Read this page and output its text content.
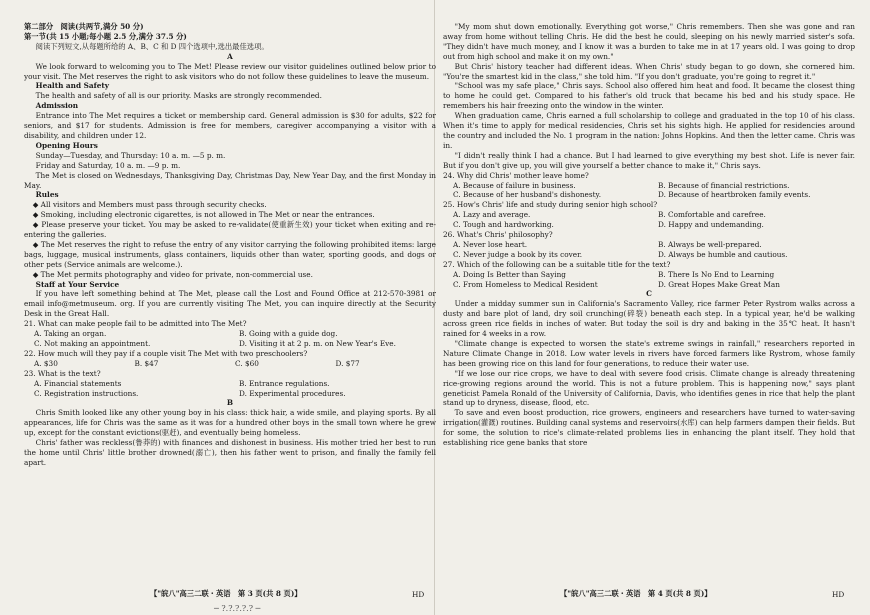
第二部分　阅读(共两节,满分 50 分)

第一节(共 15 小题;每小题 2.5 分,满分 37.5 分)

阅读下列短文,从每题所给的 A、B、C 和 D 四个选项中,选出最佳选项。

A

We look forward to welcoming you to The Met! Please review our visitor guidelines outlined below prior to your visit. The Met reserves the right to ask visitors who do not follow these guidelines to leave the museum.

Health and Safety

The health and safety of all is our priority. Masks are strongly recommended.

Admission

Entrance into The Met requires a ticket or membership card. General admission is $30 for adults, $22 for seniors, and $17 for students. Admission is free for members, caregiver accompanying a visitor with a disability, and children under 12.

Opening Hours

Sunday—Tuesday, and Thursday: 10 a. m. —5 p. m.

Friday and Saturday, 10 a. m. —9 p. m.

The Met is closed on Wednesdays, Thanksgiving Day, Christmas Day, New Year Day, and the first Monday in May.

Rules

◆ All visitors and Members must pass through security checks.

◆ Smoking, including electronic cigarettes, is not allowed in The Met or near the entrances.

◆ Please preserve your ticket. You may be asked to re-validate(使重新生效) your ticket when exiting and re-entering the galleries.

◆ The Met reserves the right to refuse the entry of any visitor carrying the following prohibited items: large bags, luggage, musical instruments, glass containers, liquids other than water, sporting goods, and dogs or other pets (Service animals are welcome.).

◆ The Met permits photography and video for private, non-commercial use.

Staff at Your Service

If you have left something behind at The Met, please call the Lost and Found Office at 212-570-3981 or email info@metmuseum. org. If you are currently visiting The Met, you can inquire directly at the Security Desk in the Great Hall.

21. What can make people fail to be admitted into The Met?

A. Taking an organ.	B. Going with a guide dog.
C. Not making an appointment.	D. Visiting it at 2 p. m. on New Year's Eve.

22. How much will they pay if a couple visit The Met with two preschoolers?

A. $30	B. $47	C. $60	D. $77

23. What is the text?

A. Financial statements	B. Entrance regulations.
C. Registration instructions.	D. Experimental procedures.

B

Chris Smith looked like any other young boy in his class: thick hair, a wide smile, and playing sports. By all appearances, life for Chris was the same as it was for a hundred other boys in the small town where he grew up, except for the constant evictions(驱赶), and eventually being homeless.

Chris' father was reckless(鲁莽的) with finances and dishonest in business. His mother tried her best to run the home until Chris' little brother drowned(溺亡), then his father went to prison, and finally the family fell apart.

"My mom shut down emotionally. Everything got worse," Chris remembers. Then she was gone and ran away from home without telling Chris. He did the best he could, sleeping on his newly married sister's sofa. "They didn't have much money, and I know it was a burden to take me in at 17 years old. I was going to drop out from high school and make it on my own."

But Chris' history teacher had different ideas. When Chris' study began to go down, she cornered him. "You're the smartest kid in the class," she told him. "If you don't graduate, you're going to regret it."

"School was my safe place," Chris says. School also offered him heat and food. It became the closest thing to home he could get. Compared to his father's old truck that became his bed and his study space. He remembers his hair freezing onto the window in the winter.

When graduation came, Chris earned a full scholarship to college and graduated in the top 10 of his class. When it's time to apply for medical residencies, Chris set his sights high. He applied for residencies around the country and included the No. 1 program in the nation: Johns Hopkins. And then the letter came. Chris was in.

"I didn't really think I had a chance. But I had learned to give everything my best shot. Life is never fair. But if you don't give up, you will give yourself a better chance to make it," Chris says.

24. Why did Chris' mother leave home?

A. Because of failure in business.	B. Because of financial restrictions.
C. Because of her husband's dishonesty.	D. Because of heartbroken family events.

25. How's Chris' life and study during senior high school?

A. Lazy and average.	B. Comfortable and carefree.
C. Tough and hardworking.	D. Happy and undemanding.

26. What's Chris' philosophy?

A. Never lose heart.	B. Always be well-prepared.
C. Never judge a book by its cover.	D. Always be humble and cautious.

27. Which of the following can be a suitable title for the text?

A. Doing Is Better than Saying	B. There Is No End to Learning
C. From Homeless to Medical Resident	D. Great Hopes Make Great Man

C

Under a midday summer sun in California's Sacramento Valley, rice farmer Peter Rystrom walks across a dusty and bare plot of land, dry soil crunching(碎裂) beneath each step. In a typical year, he'd be walking across green rice fields in inches of water. But today the soil is dry and baking in the 35℃ heat. It hasn't rained for 4 weeks in a row.

"Climate change is expected to worsen the state's extreme swings in rainfall," researchers reported in Nature Climate Change in 2018. Low water levels in rivers have forced farmers like Rystrom, whose family has been growing rice on this land for four generations, to reduce their water use.

"If we lose our rice crops, we have to deal with severe food crisis. Climate change is already threatening rice-growing regions around the world. This is not a future problem. This is happening now," says plant geneticist Pamela Ronald of the University of California, Davis, who identifies genes in rice that help the plant stand up to dryness, disease, flood, etc.

To save and even boost production, rice growers, engineers and researchers have turned to water-saving irrigation(灌溉) routines. Building canal systems and reservoirs(水库) can help farmers dampen their fields. But for some, the solution to rice's climate-related problems lies in enhancing the plant itself. They hold that establishing rice gene banks that store

【"皖八"高三二联・英语　第 3 页(共 8 页)】	HD	【"皖八"高三二联・英语　第 4 页(共 8 页)】	HD
─ ?.?.?.?.? ─
